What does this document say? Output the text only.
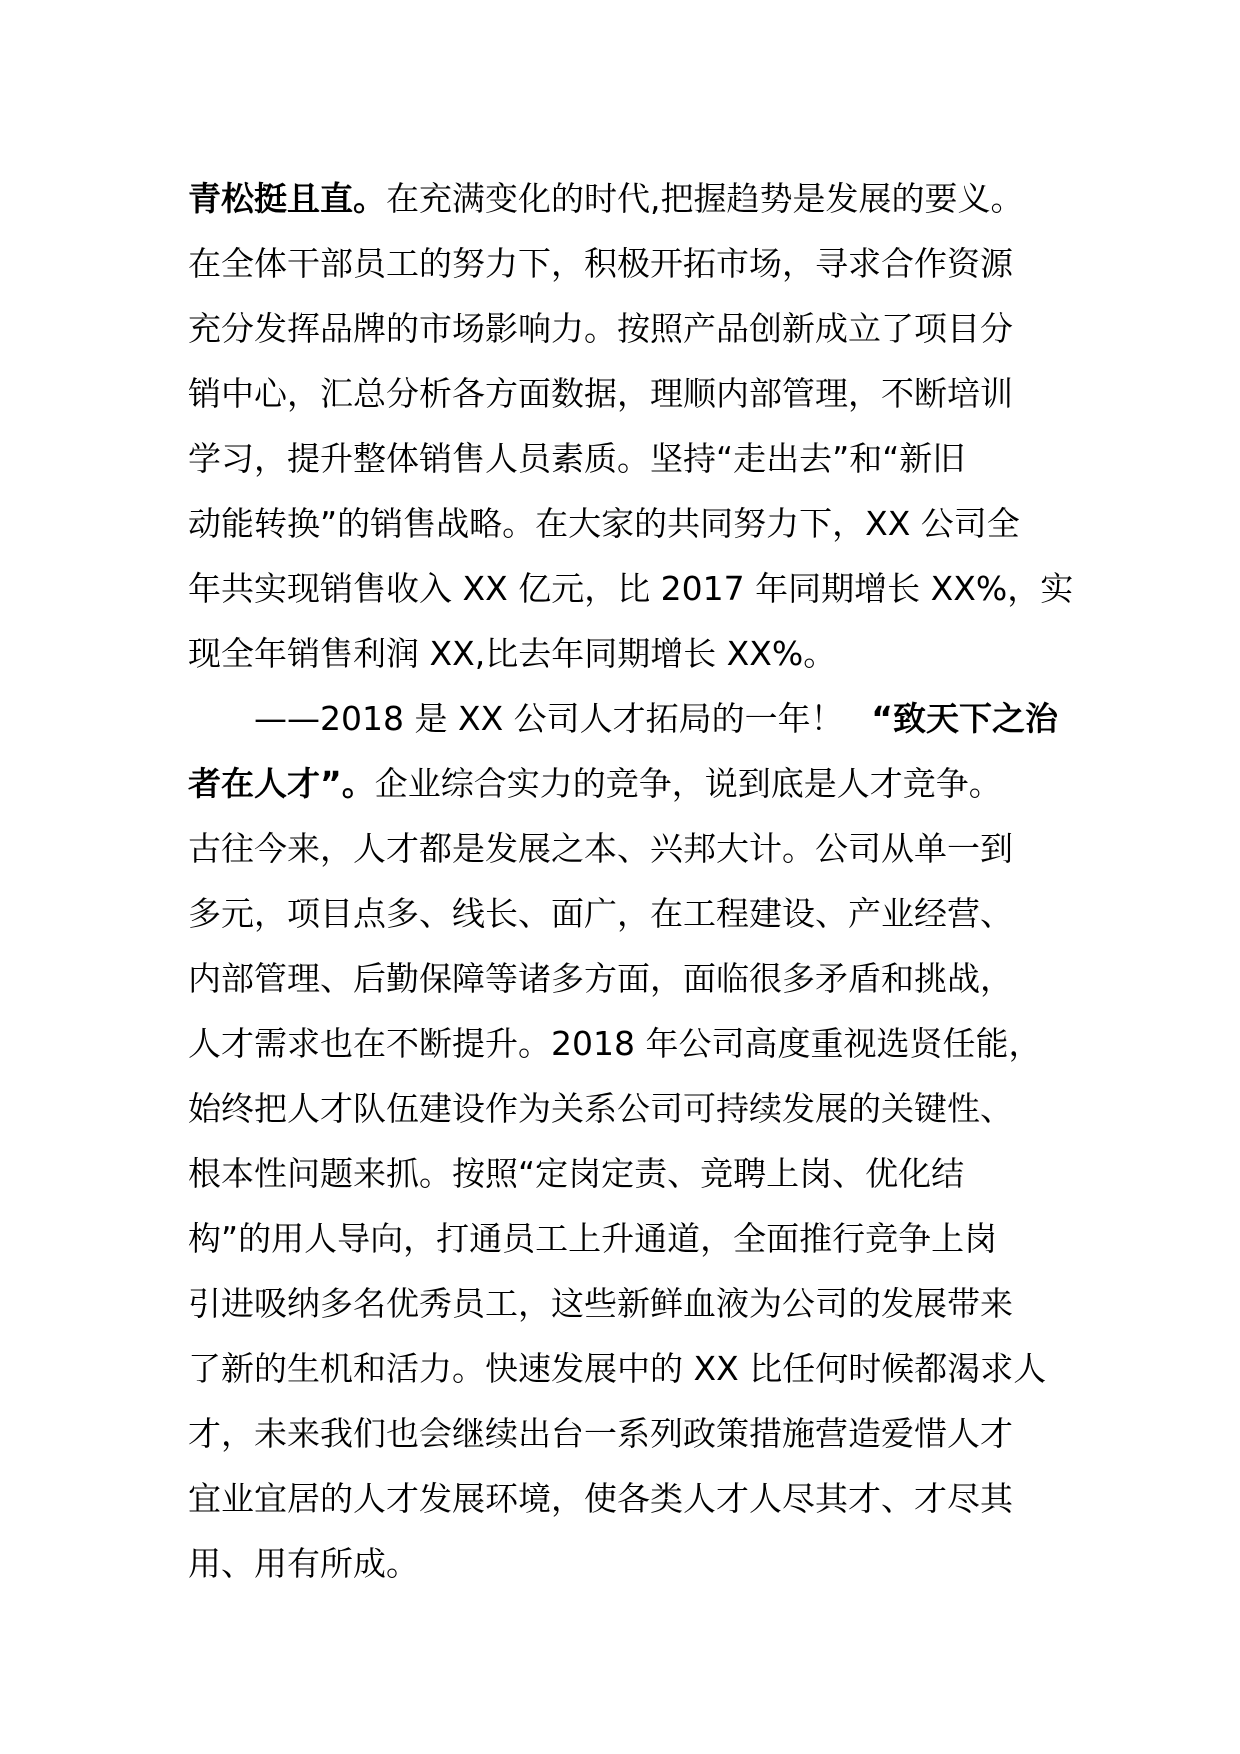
青松挺且直。在充满变化的时代,把握趋势是发展的要义。
在全体干部员工的努力下，积极开拓市场，寻求合作资源
充分发挥品牌的市场影响力。按照产品创新成立了项目分
销中心，汇总分析各方面数据，理顺内部管理，不断培训
学习，提升整体销售人员素质。坚持“走出去”和“新旧
动能转换”的销售战略。在大家的共同努力下，XX 公司全
年共实现销售收入 XX 亿元，比 2017 年同期增长 XX%，实
现全年销售利润 XX,比去年同期增长 XX%。
——2018 是 XX 公司人才拓局的一年！ “致天下之治
者在人才”。企业综合实力的竞争，说到底是人才竞争。
古往今来，人才都是发展之本、兴邦大计。公司从单一到
多元，项目点多、线长、面广，在工程建设、产业经营、
内部管理、后勤保障等诸多方面，面临很多矛盾和挑战，
人才需求也在不断提升。2018 年公司高度重视选贤任能，
始终把人才队伍建设作为关系公司可持续发展的关键性、
根本性问题来抓。按照“定岗定责、竞聘上岗、优化结
构”的用人导向，打通员工上升通道，全面推行竞争上岗
引进吸纳多名优秀员工，这些新鲜血液为公司的发展带来
了新的生机和活力。快速发展中的 XX 比任何时候都渴求人
才，未来我们也会继续出台一系列政策措施营造爱惜人才
宜业宜居的人才发展环境，使各类人才人尽其才、才尽其
用、用有所成。
